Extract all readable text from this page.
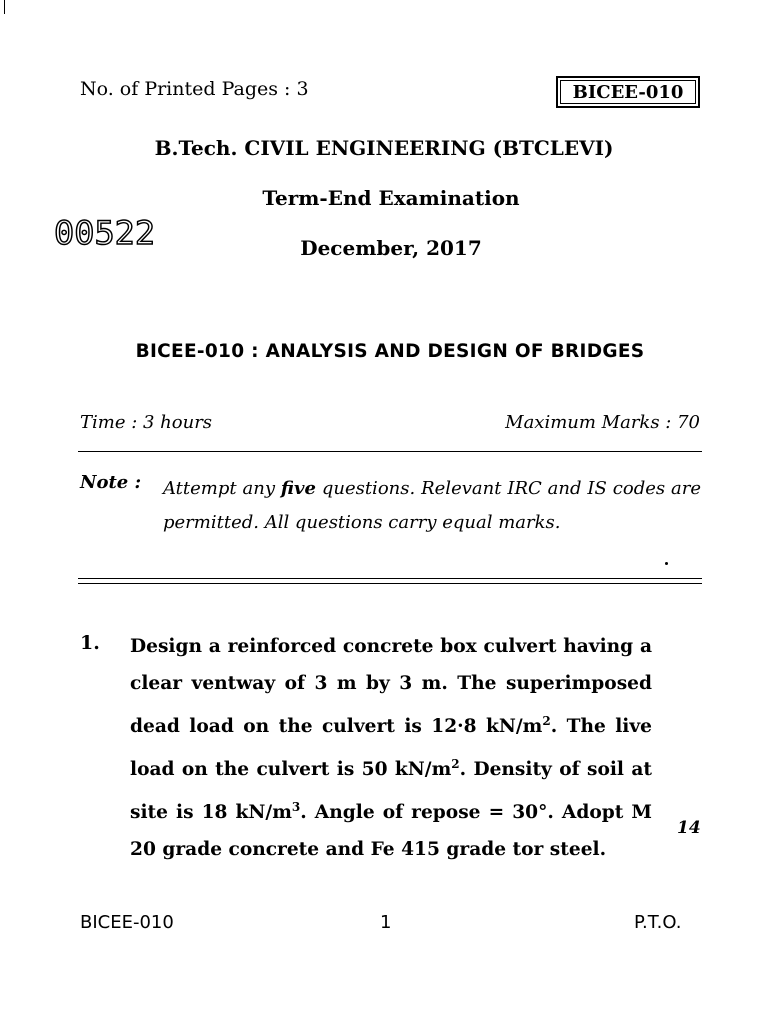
No. of Printed Pages : 3	BICEE-010
B.Tech. CIVIL ENGINEERING (BTCLEVI)
Term-End Examination
00522	December, 2017
BICEE-010 : ANALYSIS AND DESIGN OF BRIDGES
Time : 3 hours	Maximum Marks : 70
Note : Attempt any five questions. Relevant IRC and IS codes are permitted. All questions carry equal marks.
1. Design a reinforced concrete box culvert having a clear ventway of 3 m by 3 m. The superimposed dead load on the culvert is 12·8 $kN/m^2$. The live load on the culvert is 50 $kN/m^2$. Density of soil at site is 18 $kN/m^3$. Angle of repose = 30°. Adopt M 20 grade concrete and Fe 415 grade tor steel.
14
BICEE-010	1	P.T.O.
